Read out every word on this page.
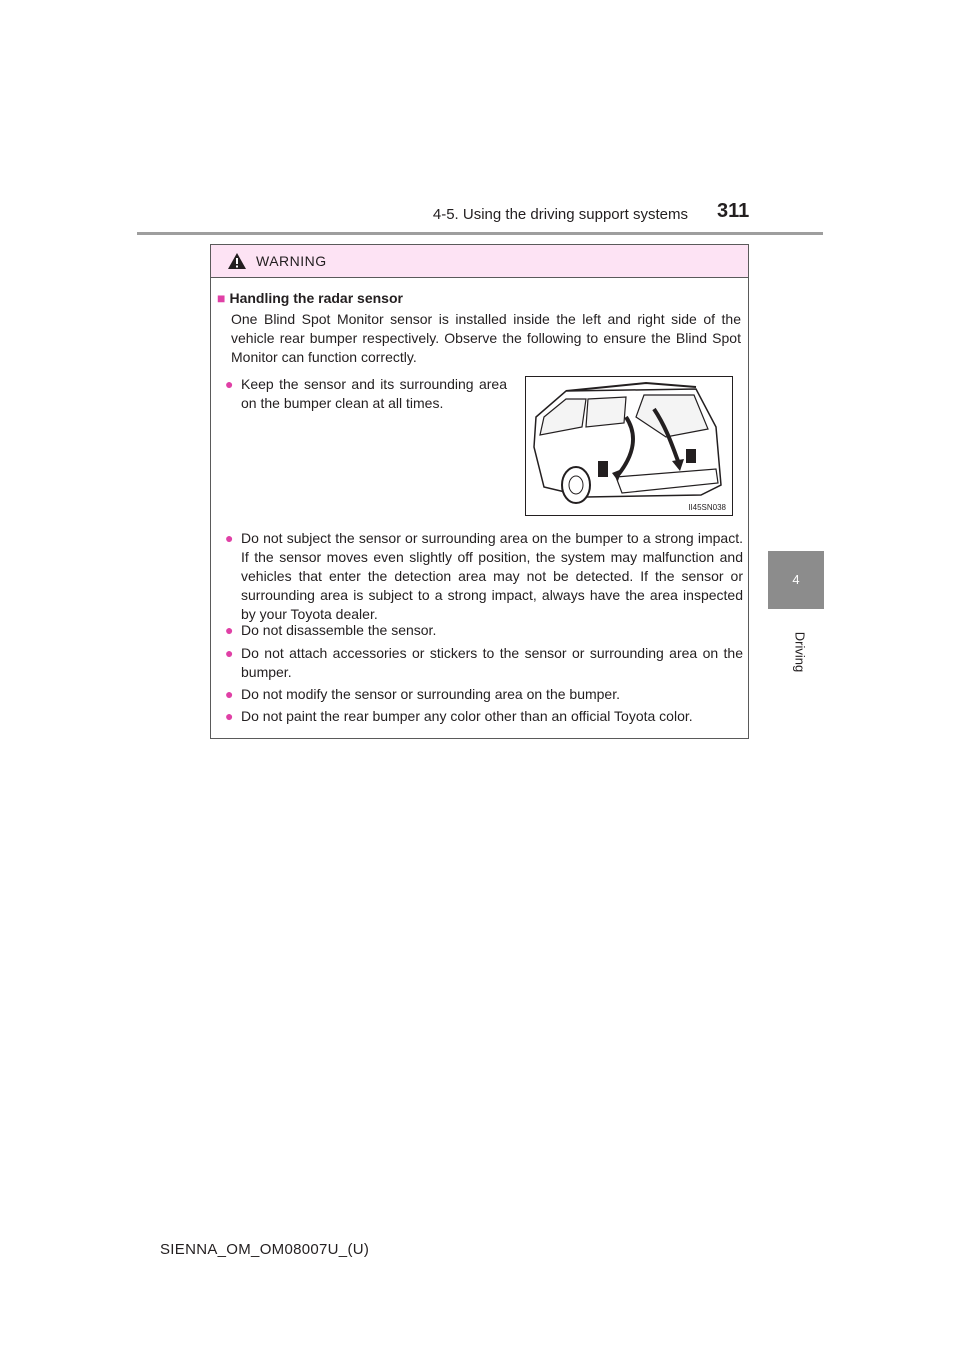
4-5. Using the driving support systems 311
4
Driving
WARNING
■ Handling the radar sensor
One Blind Spot Monitor sensor is installed inside the left and right side of the vehicle rear bumper respectively. Observe the following to ensure the Blind Spot Monitor can function correctly.
● Keep the sensor and its surrounding area on the bumper clean at all times.
II45SN038
● Do not subject the sensor or surrounding area on the bumper to a strong impact. If the sensor moves even slightly off position, the system may malfunction and vehicles that enter the detection area may not be detected. If the sensor or surrounding area is subject to a strong impact, always have the area inspected by your Toyota dealer.
● Do not disassemble the sensor.
● Do not attach accessories or stickers to the sensor or surrounding area on the bumper.
● Do not modify the sensor or surrounding area on the bumper.
● Do not paint the rear bumper any color other than an official Toyota color.
SIENNA_OM_OM08007U_(U)
